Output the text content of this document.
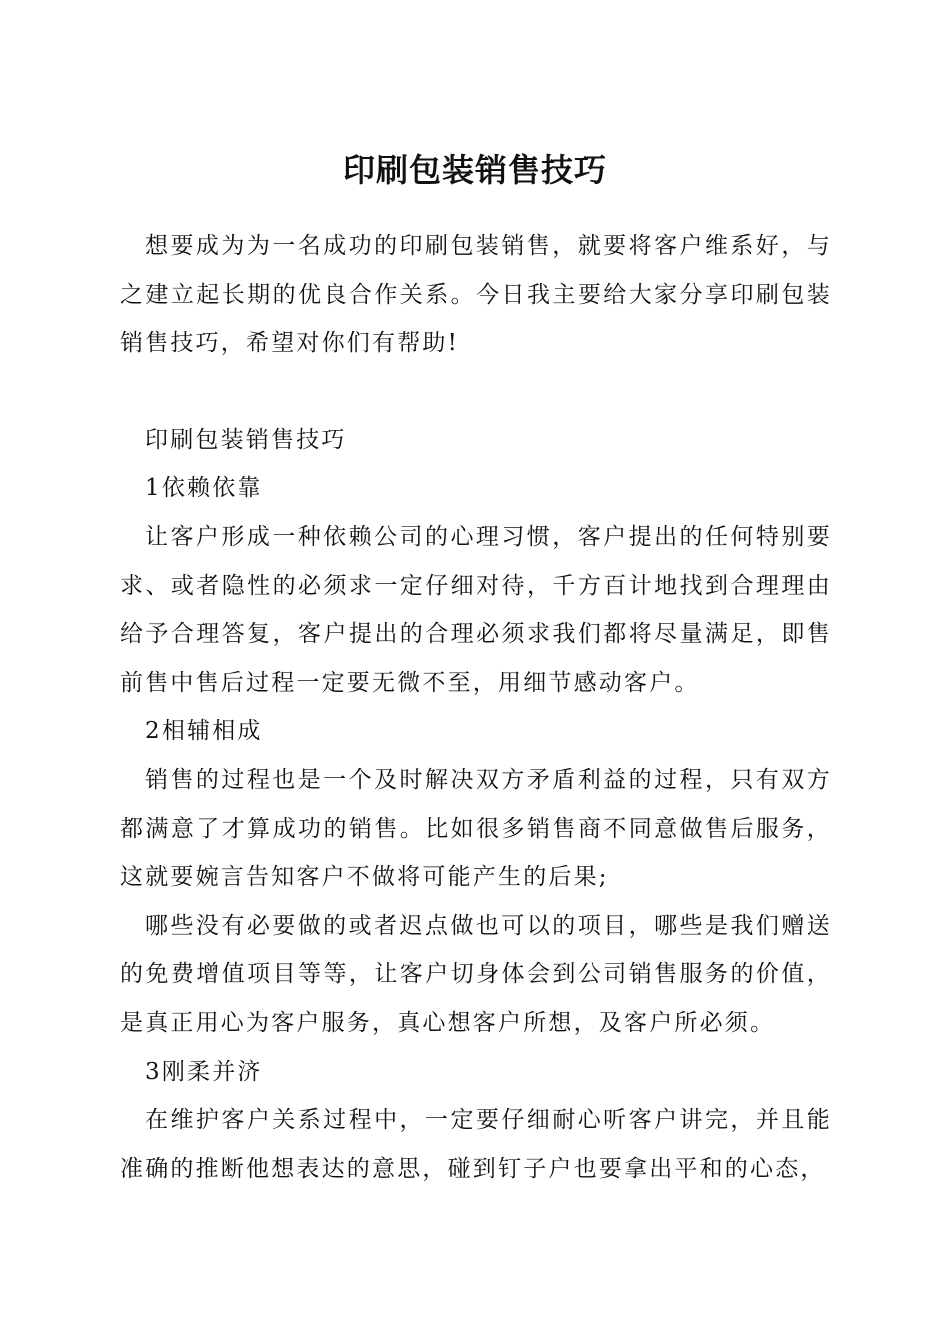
印刷包装销售技巧

想要成为为一名成功的印刷包装销售，就要将客户维系好，与之建立起长期的优良合作关系。今日我主要给大家分享印刷包装销售技巧，希望对你们有帮助!

印刷包装销售技巧

1依赖依靠

让客户形成一种依赖公司的心理习惯，客户提出的任何特别要求、或者隐性的必须求一定仔细对待，千方百计地找到合理理由给予合理答复，客户提出的合理必须求我们都将尽量满足，即售前售中售后过程一定要无微不至，用细节感动客户。

2相辅相成

销售的过程也是一个及时解决双方矛盾利益的过程，只有双方都满意了才算成功的销售。比如很多销售商不同意做售后服务，这就要婉言告知客户不做将可能产生的后果;

哪些没有必要做的或者迟点做也可以的项目，哪些是我们赠送的免费增值项目等等，让客户切身体会到公司销售服务的价值，是真正用心为客户服务，真心想客户所想，及客户所必须。

3刚柔并济

在维护客户关系过程中，一定要仔细耐心听客户讲完，并且能准确的推断他想表达的意思，碰到钉子户也要拿出平和的心态，
